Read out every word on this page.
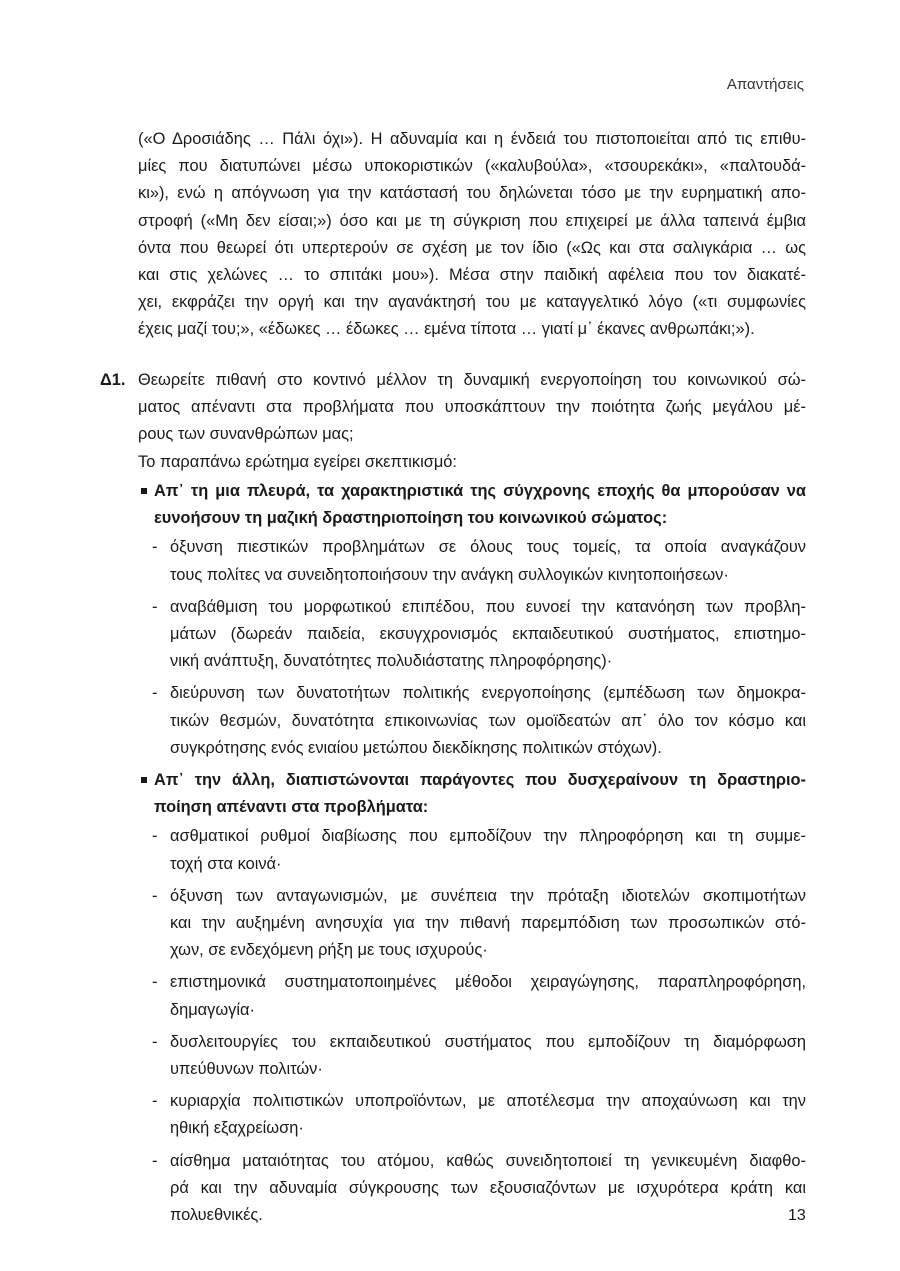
Απαντήσεις
(«Ο Δροσιάδης … Πάλι όχι»). Η αδυναμία και η ένδειά του πιστοποιείται από τις επιθυ-
μίες που διατυπώνει μέσω υποκοριστικών («καλυβούλα», «τσουρεκάκι», «παλτουδά-
κι»), ενώ η απόγνωση για την κατάστασή του δηλώνεται τόσο με την ευρηματική απο-
στροφή («Μη δεν είσαι;») όσο και με τη σύγκριση που επιχειρεί με άλλα ταπεινά έμβια
όντα που θεωρεί ότι υπερτερούν σε σχέση με τον ίδιο («Ως και στα σαλιγκάρια … ως
και στις χελώνες … το σπιτάκι μου»). Μέσα στην παιδική αφέλεια που τον διακατέ-
χει, εκφράζει την οργή και την αγανάκτησή του με καταγγελτικό λόγο («τι συμφωνίες
έχεις μαζί του;», «έδωκες … έδωκες … εμένα τίποτα … γιατί μ᾽ έκανες ανθρωπάκι;»).
Δ1. Θεωρείτε πιθανή στο κοντινό μέλλον τη δυναμική ενεργοποίηση του κοινωνικού σώ-
ματος απέναντι στα προβλήματα που υποσκάπτουν την ποιότητα ζωής μεγάλου μέ-
ρους των συνανθρώπων μας;
Το παραπάνω ερώτημα εγείρει σκεπτικισμό:
Απ᾽ τη μια πλευρά, τα χαρακτηριστικά της σύγχρονης εποχής θα μπορούσαν να
ευνοήσουν τη μαζική δραστηριοποίηση του κοινωνικού σώματος:
- όξυνση πιεστικών προβλημάτων σε όλους τους τομείς, τα οποία αναγκάζουν
τους πολίτες να συνειδητοποιήσουν την ανάγκη συλλογικών κινητοποιήσεων·
- αναβάθμιση του μορφωτικού επιπέδου, που ευνοεί την κατανόηση των προβλη-
μάτων (δωρεάν παιδεία, εκσυγχρονισμός εκπαιδευτικού συστήματος, επιστημο-
νική ανάπτυξη, δυνατότητες πολυδιάστατης πληροφόρησης)·
- διεύρυνση των δυνατοτήτων πολιτικής ενεργοποίησης (εμπέδωση των δημοκρα-
τικών θεσμών, δυνατότητα επικοινωνίας των ομοϊδεατών απ᾽ όλο τον κόσμο και
συγκρότησης ενός ενιαίου μετώπου διεκδίκησης πολιτικών στόχων).
Απ᾽ την άλλη, διαπιστώνονται παράγοντες που δυσχεραίνουν τη δραστηριο-
ποίηση απέναντι στα προβλήματα:
- ασθματικοί ρυθμοί διαβίωσης που εμποδίζουν την πληροφόρηση και τη συμμε-
τοχή στα κοινά·
- όξυνση των ανταγωνισμών, με συνέπεια την πρόταξη ιδιοτελών σκοπιμοτήτων
και την αυξημένη ανησυχία για την πιθανή παρεμπόδιση των προσωπικών στό-
χων, σε ενδεχόμενη ρήξη με τους ισχυρούς·
- επιστημονικά συστηματοποιημένες μέθοδοι χειραγώγησης, παραπληροφόρηση,
δημαγωγία·
- δυσλειτουργίες του εκπαιδευτικού συστήματος που εμποδίζουν τη διαμόρφωση
υπεύθυνων πολιτών·
- κυριαρχία πολιτιστικών υποπροϊόντων, με αποτέλεσμα την αποχαύνωση και την
ηθική εξαχρείωση·
- αίσθημα ματαιότητας του ατόμου, καθώς συνειδητοποιεί τη γενικευμένη διαφθο-
ρά και την αδυναμία σύγκρουσης των εξουσιαζόντων με ισχυρότερα κράτη και
πολυεθνικές.	13
